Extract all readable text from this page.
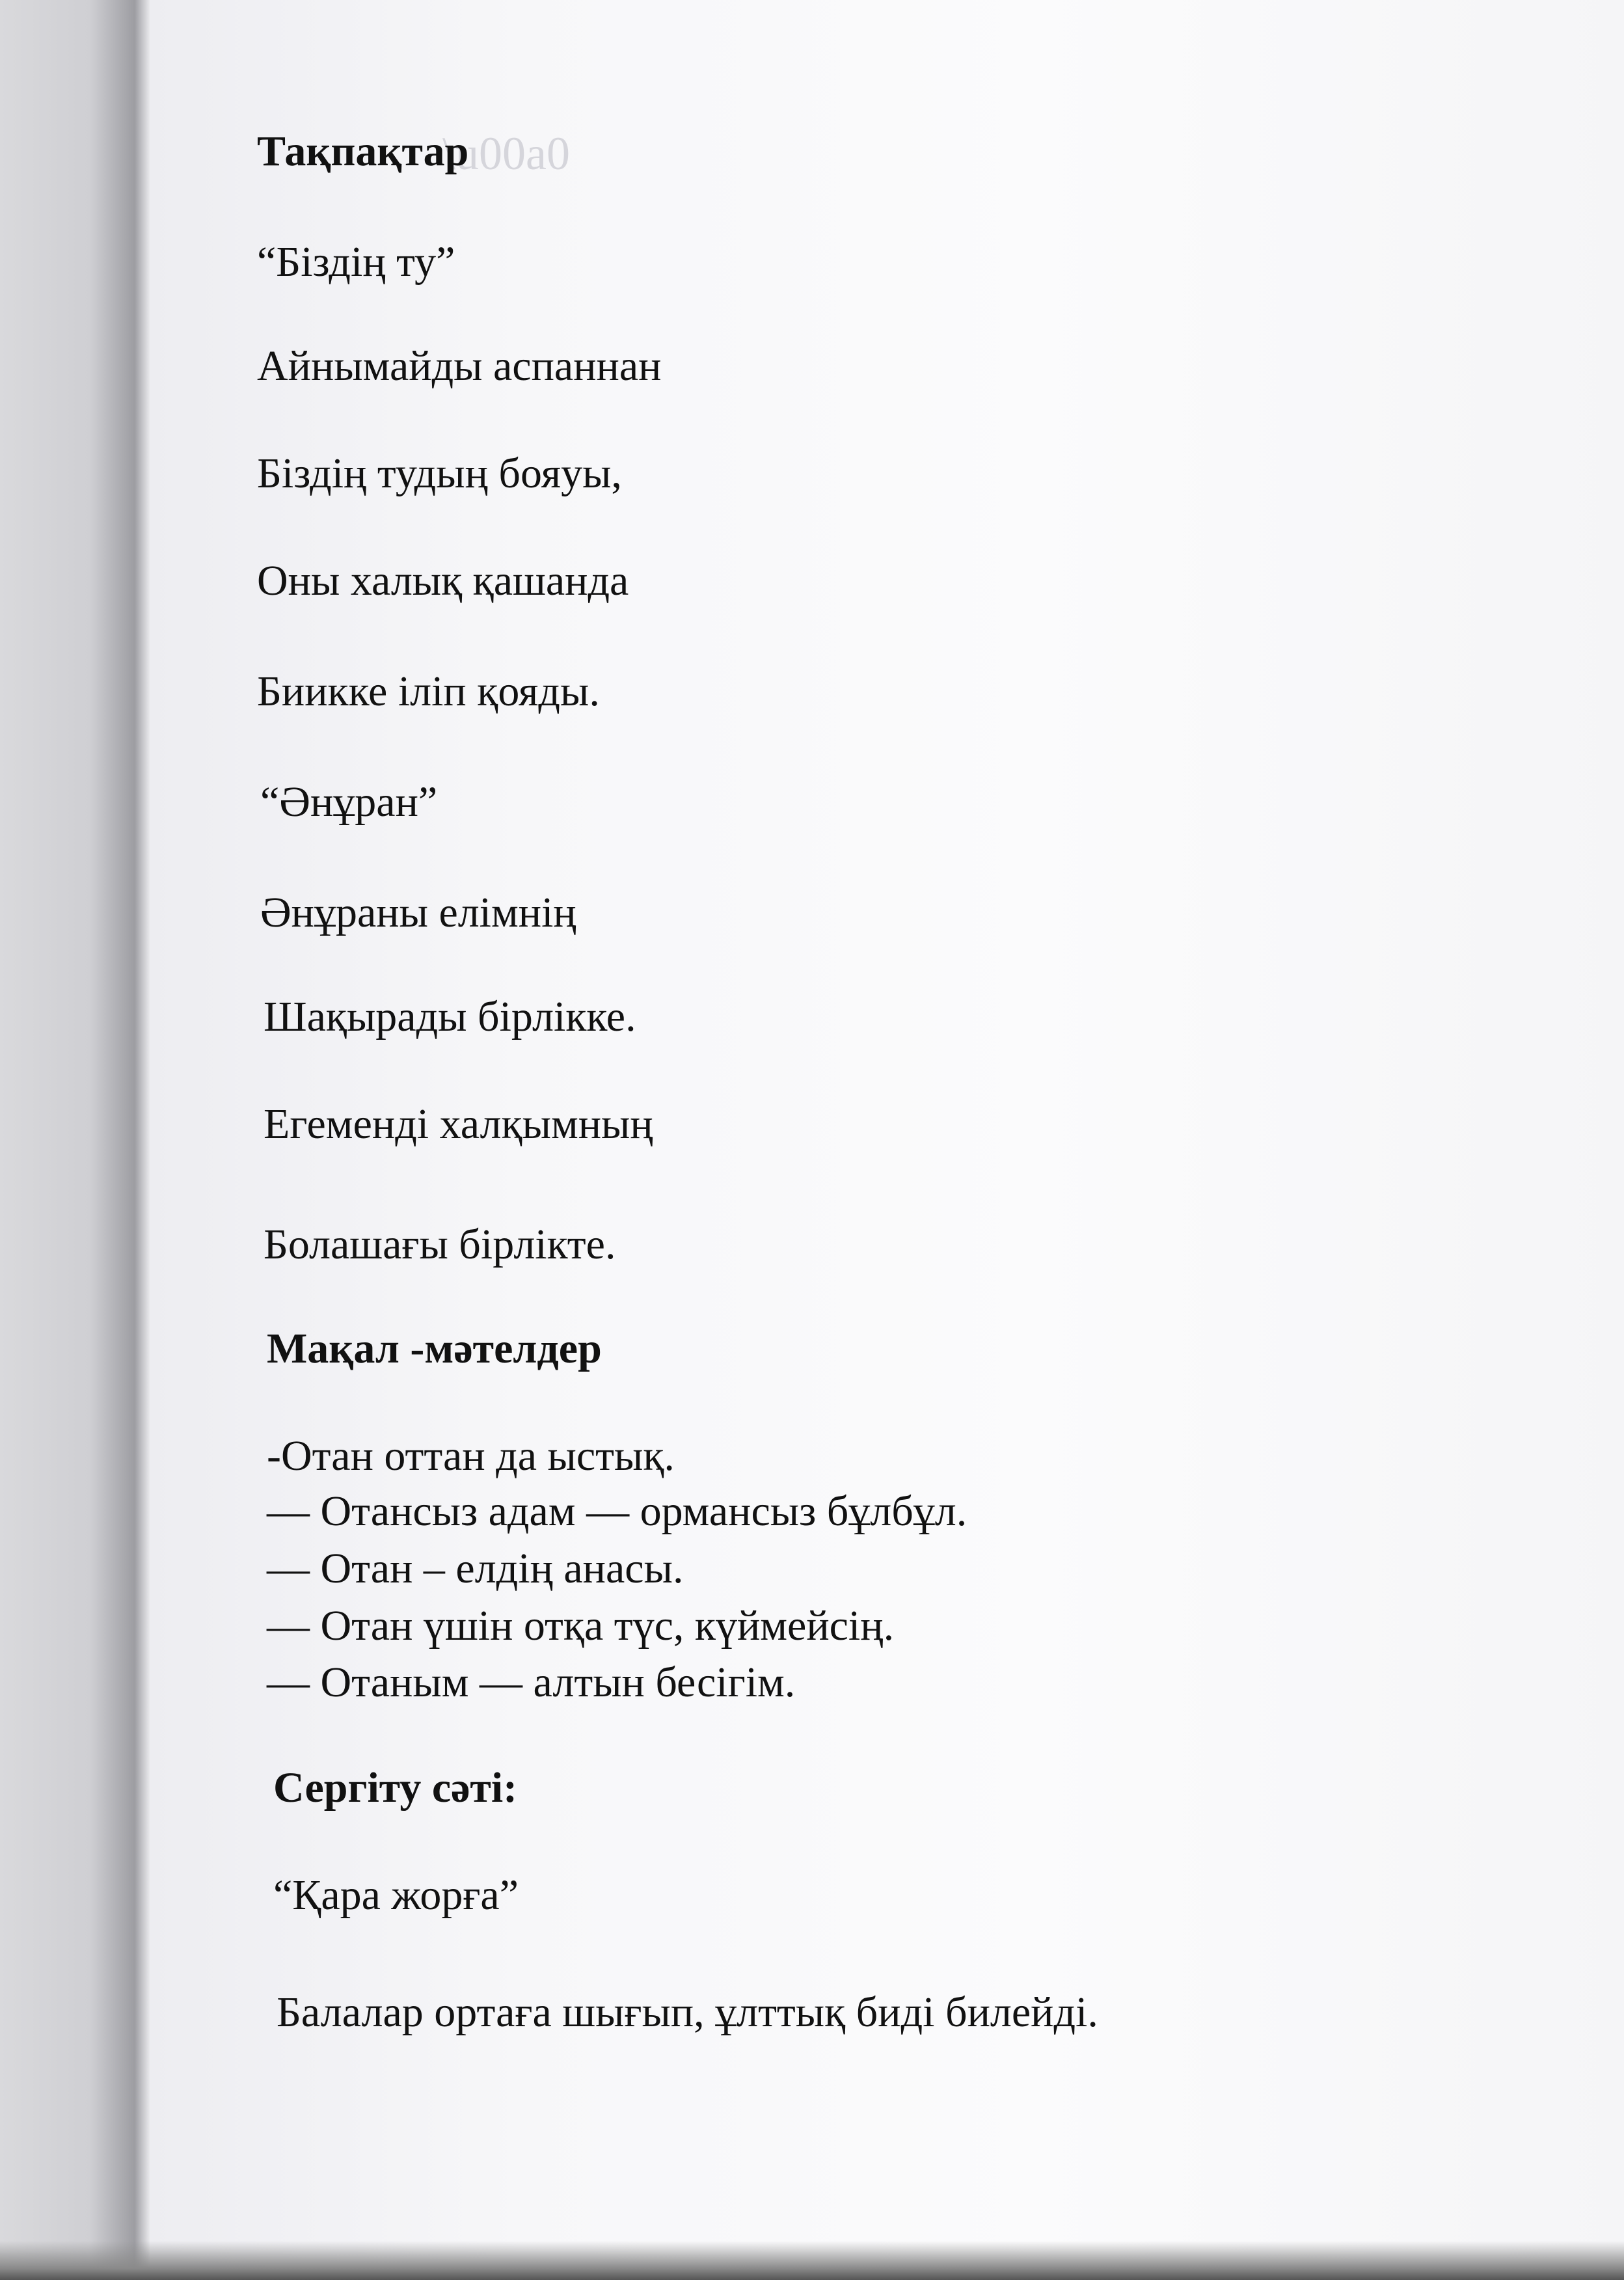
\u00a0

Тақпақтар
“Біздің ту”
Айнымайды аспаннан
Біздің тудың бояуы,
Оны халық қашанда
Биикке іліп қояды.
“Әнұран”
Әнұраны елімнің
Шақырады бірлікке.
Егеменді халқымның
Болашағы бірлікте.
Мақал -мәтелдер
-Отан оттан да ыстық.
— Отансыз адам — ормансыз бұлбұл.
— Отан – елдің анасы.
— Отан үшін отқа түс, күймейсің.
— Отаным — алтын бесігім.
Сергіту сәті:
“Қара жорға”
Балалар ортаға шығып, ұлттық биді билейді.
